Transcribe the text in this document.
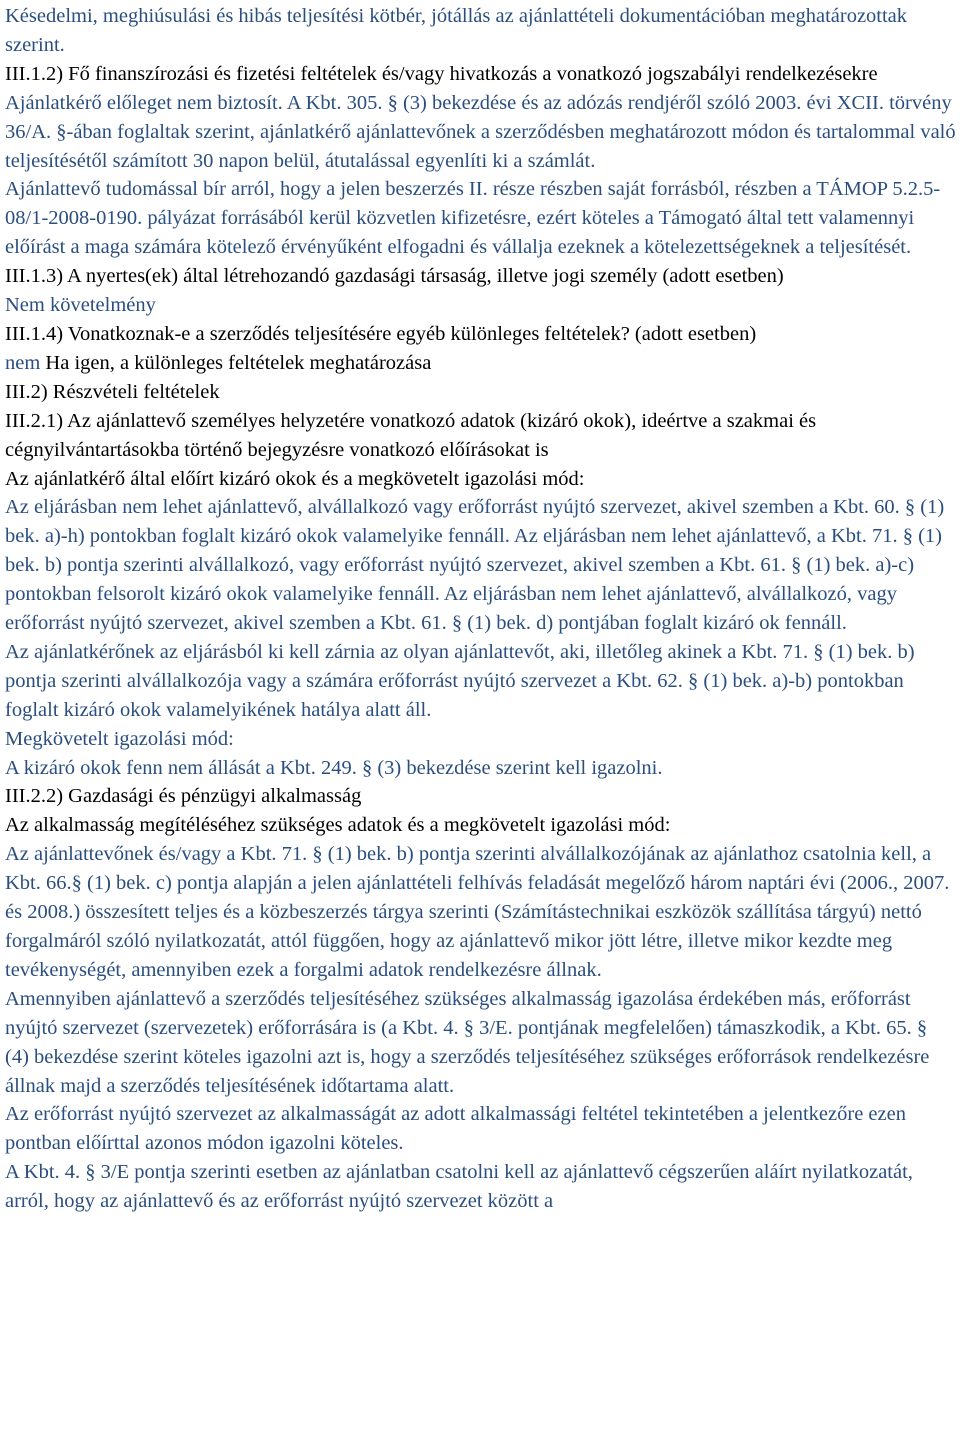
Késedelmi, meghiúsulási és hibás teljesítési kötbér, jótállás az ajánlattételi dokumentációban meghatározottak szerint.

III.1.2) Fő finanszírozási és fizetési feltételek és/vagy hivatkozás a vonatkozó jogszabályi rendelkezésekre

Ajánlatkérő előleget nem biztosít. A Kbt. 305. § (3) bekezdése és az adózás rendjéről szóló 2003. évi XCII. törvény 36/A. §-ában foglaltak szerint, ajánlatkérő ajánlattevőnek a szerződésben meghatározott módon és tartalommal való teljesítésétől számított 30 napon belül, átutalással egyenlíti ki a számlát.

Ajánlattevő tudomással bír arról, hogy a jelen beszerzés II. része részben saját forrásból, részben a TÁMOP 5.2.5-08/1-2008-0190. pályázat forrásából kerül közvetlen kifizetésre, ezért köteles a Támogató által tett valamennyi előírást a maga számára kötelező érvényűként elfogadni és vállalja ezeknek a kötelezettségeknek a teljesítését.

III.1.3) A nyertes(ek) által létrehozandó gazdasági társaság, illetve jogi személy (adott esetben)

Nem követelmény

III.1.4) Vonatkoznak-e a szerződés teljesítésére egyéb különleges feltételek? (adott esetben)

nem Ha igen, a különleges feltételek meghatározása

III.2) Részvételi feltételek

III.2.1) Az ajánlattevő személyes helyzetére vonatkozó adatok (kizáró okok), ideértve a szakmai és cégnyilvántartásokba történő bejegyzésre vonatkozó előírásokat is

Az ajánlatkérő által előírt kizáró okok és a megkövetelt igazolási mód:

Az eljárásban nem lehet ajánlattevő, alvállalkozó vagy erőforrást nyújtó szervezet, akivel szemben a Kbt. 60. § (1) bek. a)-h) pontokban foglalt kizáró okok valamelyike fennáll. Az eljárásban nem lehet ajánlattevő, a Kbt. 71. § (1) bek. b) pontja szerinti alvállalkozó, vagy erőforrást nyújtó szervezet, akivel szemben a Kbt. 61. § (1) bek. a)-c) pontokban felsorolt kizáró okok valamelyike fennáll. Az eljárásban nem lehet ajánlattevő, alvállalkozó, vagy erőforrást nyújtó szervezet, akivel szemben a Kbt. 61. § (1) bek. d) pontjában foglalt kizáró ok fennáll.

Az ajánlatkérőnek az eljárásból ki kell zárnia az olyan ajánlattevőt, aki, illetőleg akinek a Kbt. 71. § (1) bek. b) pontja szerinti alvállalkozója vagy a számára erőforrást nyújtó szervezet a Kbt. 62. § (1) bek. a)-b) pontokban foglalt kizáró okok valamelyikének hatálya alatt áll.

Megkövetelt igazolási mód:

A kizáró okok fenn nem állását a Kbt. 249. § (3) bekezdése szerint kell igazolni.

III.2.2) Gazdasági és pénzügyi alkalmasság

Az alkalmasság megítéléséhez szükséges adatok és a megkövetelt igazolási mód:

Az ajánlattevőnek és/vagy a Kbt. 71. § (1) bek. b) pontja szerinti alvállalkozójának az ajánlathoz csatolnia kell, a Kbt. 66.§ (1) bek. c) pontja alapján a jelen ajánlattételi felhívás feladását megelőző három naptári évi (2006., 2007. és 2008.) összesített teljes és a közbeszerzés tárgya szerinti (Számítástechnikai eszközök szállítása tárgyú) nettó forgalmáról szóló nyilatkozatát, attól függően, hogy az ajánlattevő mikor jött létre, illetve mikor kezdte meg tevékenységét, amennyiben ezek a forgalmi adatok rendelkezésre állnak.

Amennyiben ajánlattevő a szerződés teljesítéséhez szükséges alkalmasság igazolása érdekében más, erőforrást nyújtó szervezet (szervezetek) erőforrására is (a Kbt. 4. § 3/E. pontjának megfelelően) támaszkodik, a Kbt. 65. § (4) bekezdése szerint köteles igazolni azt is, hogy a szerződés teljesítéséhez szükséges erőforrások rendelkezésre állnak majd a szerződés teljesítésének időtartama alatt.

Az erőforrást nyújtó szervezet az alkalmasságát az adott alkalmassági feltétel tekintetében a jelentkezőre ezen pontban előírttal azonos módon igazolni köteles.

A Kbt. 4. § 3/E pontja szerinti esetben az ajánlatban csatolni kell az ajánlattevő cégszerűen aláírt nyilatkozatát, arról, hogy az ajánlattevő és az erőforrást nyújtó szervezet között a
